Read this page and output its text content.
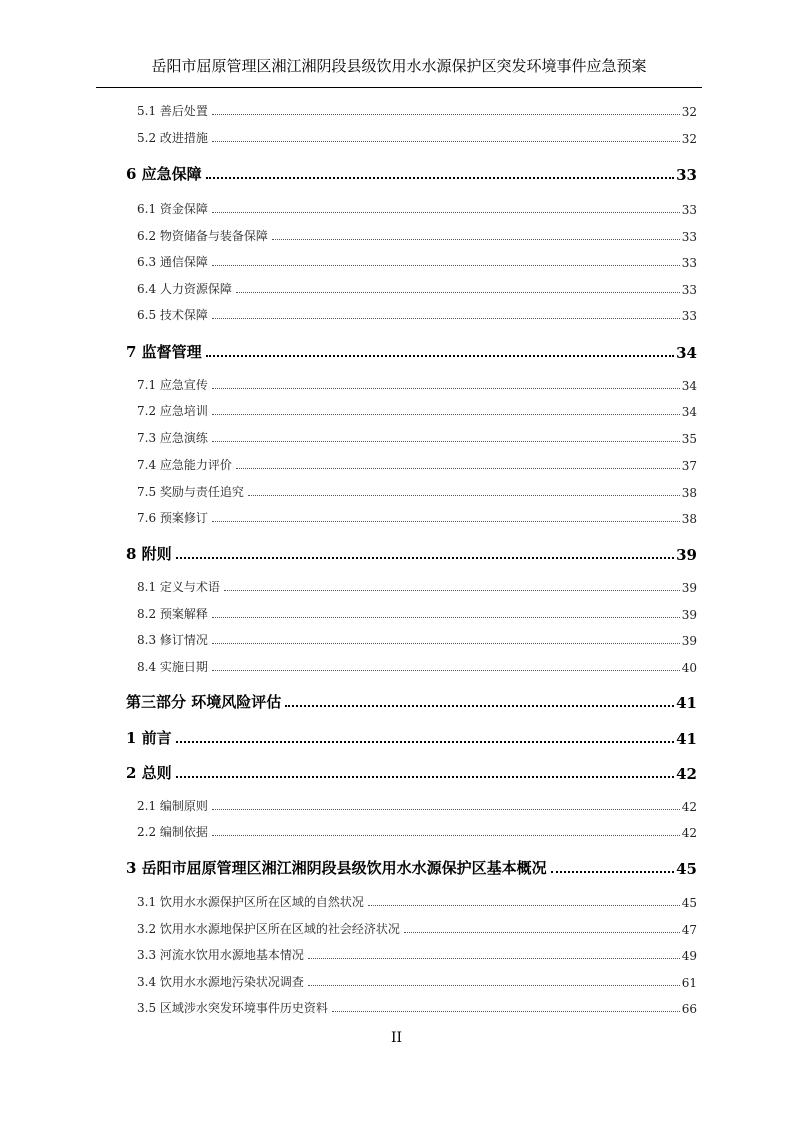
岳阳市屈原管理区湘江湘阴段县级饮用水水源保护区突发环境事件应急预案
5.1 善后处置	32
5.2 改进措施	32
6 应急保障	33
6.1 资金保障	33
6.2 物资储备与装备保障	33
6.3 通信保障	33
6.4 人力资源保障	33
6.5 技术保障	33
7 监督管理	34
7.1 应急宣传	34
7.2 应急培训	34
7.3 应急演练	35
7.4 应急能力评价	37
7.5 奖励与责任追究	38
7.6 预案修订	38
8 附则	39
8.1 定义与术语	39
8.2 预案解释	39
8.3 修订情况	39
8.4 实施日期	40
第三部分 环境风险评估	41
1 前言	41
2 总则	42
2.1 编制原则	42
2.2 编制依据	42
3 岳阳市屈原管理区湘江湘阴段县级饮用水水源保护区基本概况	45
3.1 饮用水水源保护区所在区域的自然状况	45
3.2 饮用水水源地保护区所在区域的社会经济状况	47
3.3 河流水饮用水源地基本情况	49
3.4 饮用水水源地污染状况调查	61
3.5 区域涉水突发环境事件历史资料	66
II
